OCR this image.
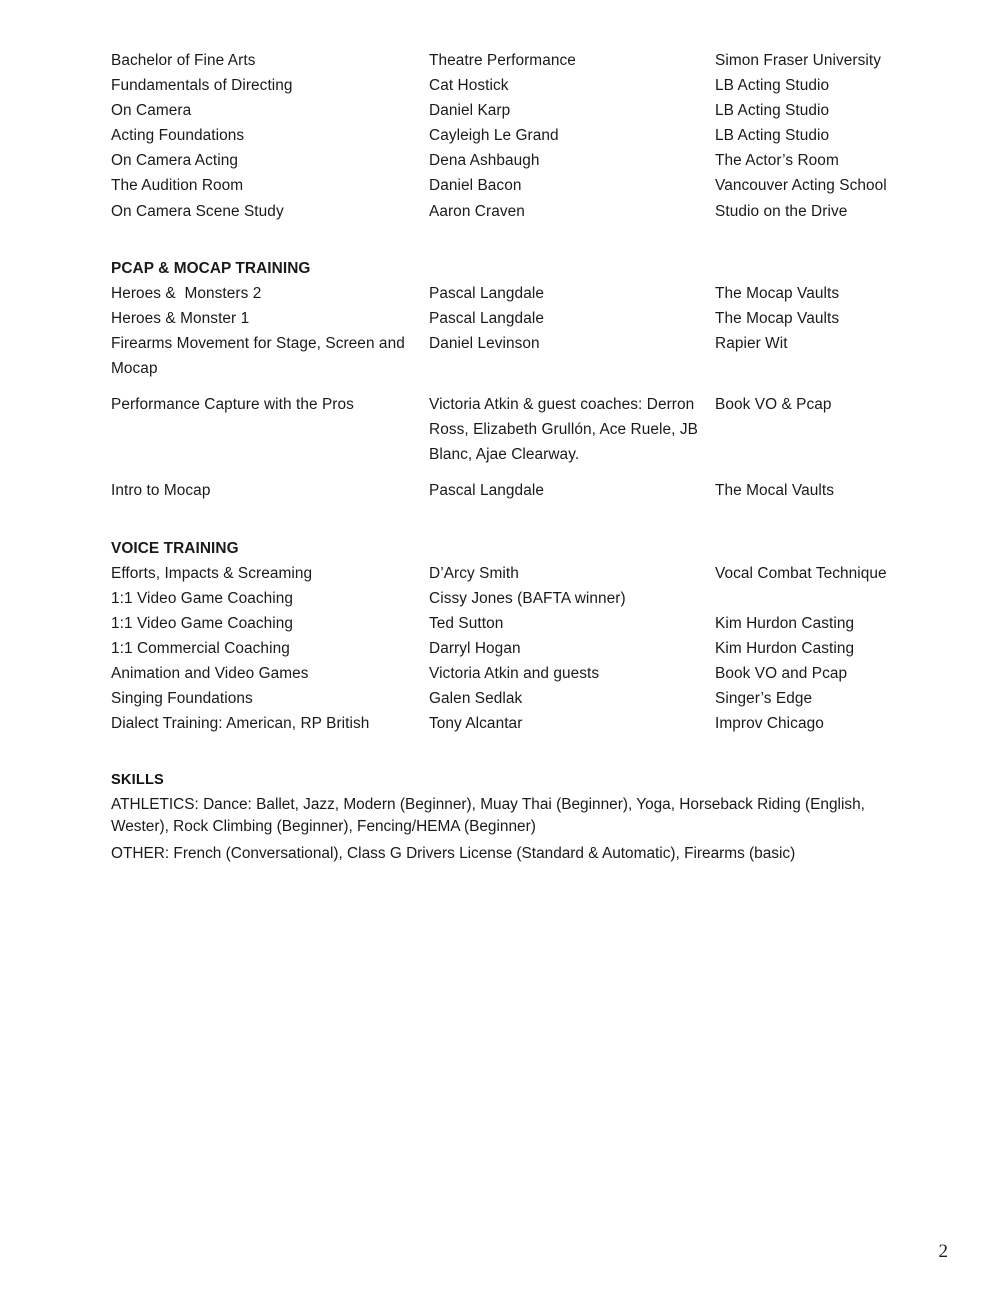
Bachelor of Fine Arts	Theatre Performance	Simon Fraser University
Fundamentals of Directing	Cat Hostick	LB Acting Studio
On Camera	Daniel Karp	LB Acting Studio
Acting Foundations	Cayleigh Le Grand	LB Acting Studio
On Camera Acting	Dena Ashbaugh	The Actor’s Room
The Audition Room	Daniel Bacon	Vancouver Acting School
On Camera Scene Study	Aaron Craven	Studio on the Drive

PCAP & MOCAP TRAINING		
Heroes &  Monsters 2	Pascal Langdale	The Mocap Vaults
Heroes & Monster 1	Pascal Langdale	The Mocap Vaults
Firearms Movement for Stage, Screen and Mocap	Daniel Levinson	Rapier Wit

Performance Capture with the Pros	Victoria Atkin & guest coaches: Derron Ross, Elizabeth Grullón, Ace Ruele, JB Blanc, Ajae Clearway.	Book VO & Pcap

Intro to Mocap	Pascal Langdale	The Mocal Vaults

VOICE TRAINING		
Efforts, Impacts & Screaming	D’Arcy Smith	Vocal Combat Technique
1:1 Video Game Coaching	Cissy Jones (BAFTA winner)	
1:1 Video Game Coaching	Ted Sutton	Kim Hurdon Casting
1:1 Commercial Coaching	Darryl Hogan	Kim Hurdon Casting
Animation and Video Games	Victoria Atkin and guests	Book VO and Pcap
Singing Foundations	Galen Sedlak	Singer’s Edge
Dialect Training: American, RP British	Tony Alcantar	Improv Chicago

SKILLS

ATHLETICS: Dance: Ballet, Jazz, Modern (Beginner), Muay Thai (Beginner), Yoga, Horseback Riding (English, Wester), Rock Climbing (Beginner), Fencing/HEMA (Beginner)

OTHER: French (Conversational), Class G Drivers License (Standard & Automatic), Firearms (basic)

2
